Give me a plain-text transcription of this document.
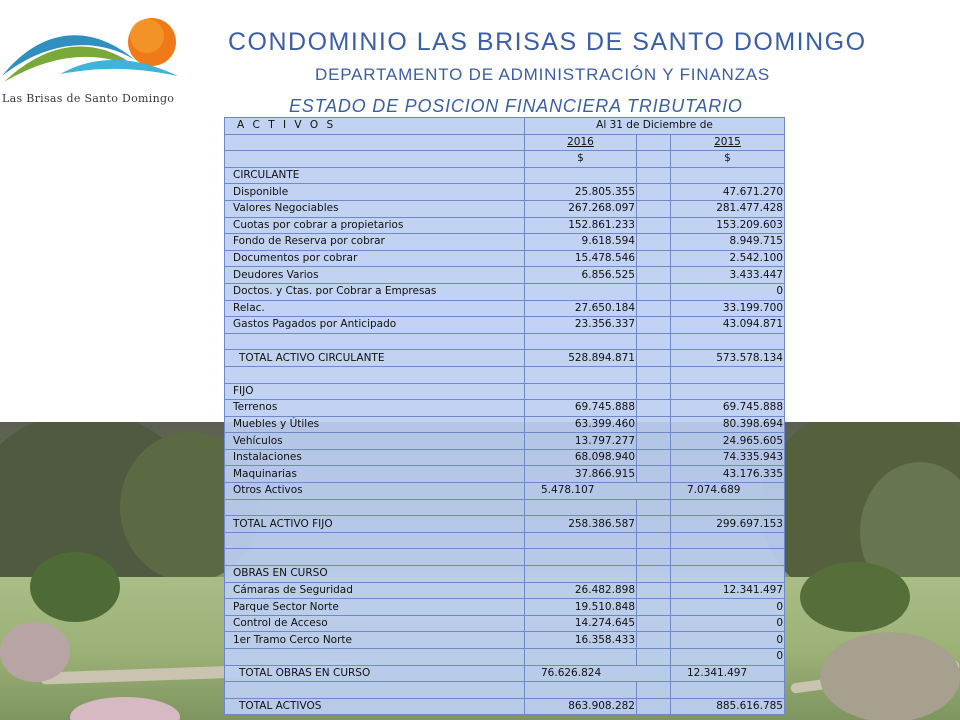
Las Brisas de Santo Domingo
CONDOMINIO LAS BRISAS DE SANTO DOMINGO
DEPARTAMENTO DE ADMINISTRACIÓN Y FINANZAS
ESTADO DE POSICION FINANCIERA TRIBUTARIO
A C T I V O S	Al 31 de Diciembre de		
	2016		2015
	$		$
CIRCULANTE			
Disponible	25.805.355		47.671.270
Valores Negociables	267.268.097		281.477.428
Cuotas por cobrar a propietarios	152.861.233		153.209.603
Fondo de Reserva por cobrar	9.618.594		8.949.715
Documentos por cobrar	15.478.546		2.542.100
Deudores Varios	6.856.525		3.433.447
Doctos. y Ctas. por Cobrar a Empresas			0
Relac.	27.650.184		33.199.700
Gastos Pagados por Anticipado	23.356.337		43.094.871

TOTAL ACTIVO CIRCULANTE	528.894.871		573.578.134

FIJO			
Terrenos	69.745.888		69.745.888
Muebles y Útiles	63.399.460		80.398.694
Vehículos	13.797.277		24.965.605
Instalaciones	68.098.940		74.335.943
Maquinarias	37.866.915		43.176.335
Otros Activos	5.478.107		7.074.689

TOTAL ACTIVO FIJO	258.386.587		299.697.153

OBRAS EN CURSO			
Cámaras de Seguridad	26.482.898		12.341.497
Parque Sector Norte	19.510.848		0
Control de Acceso	14.274.645		0
1er Tramo Cerco Norte	16.358.433		0
			0
TOTAL OBRAS EN CURSO	76.626.824		12.341.497

TOTAL ACTIVOS	863.908.282		885.616.785
